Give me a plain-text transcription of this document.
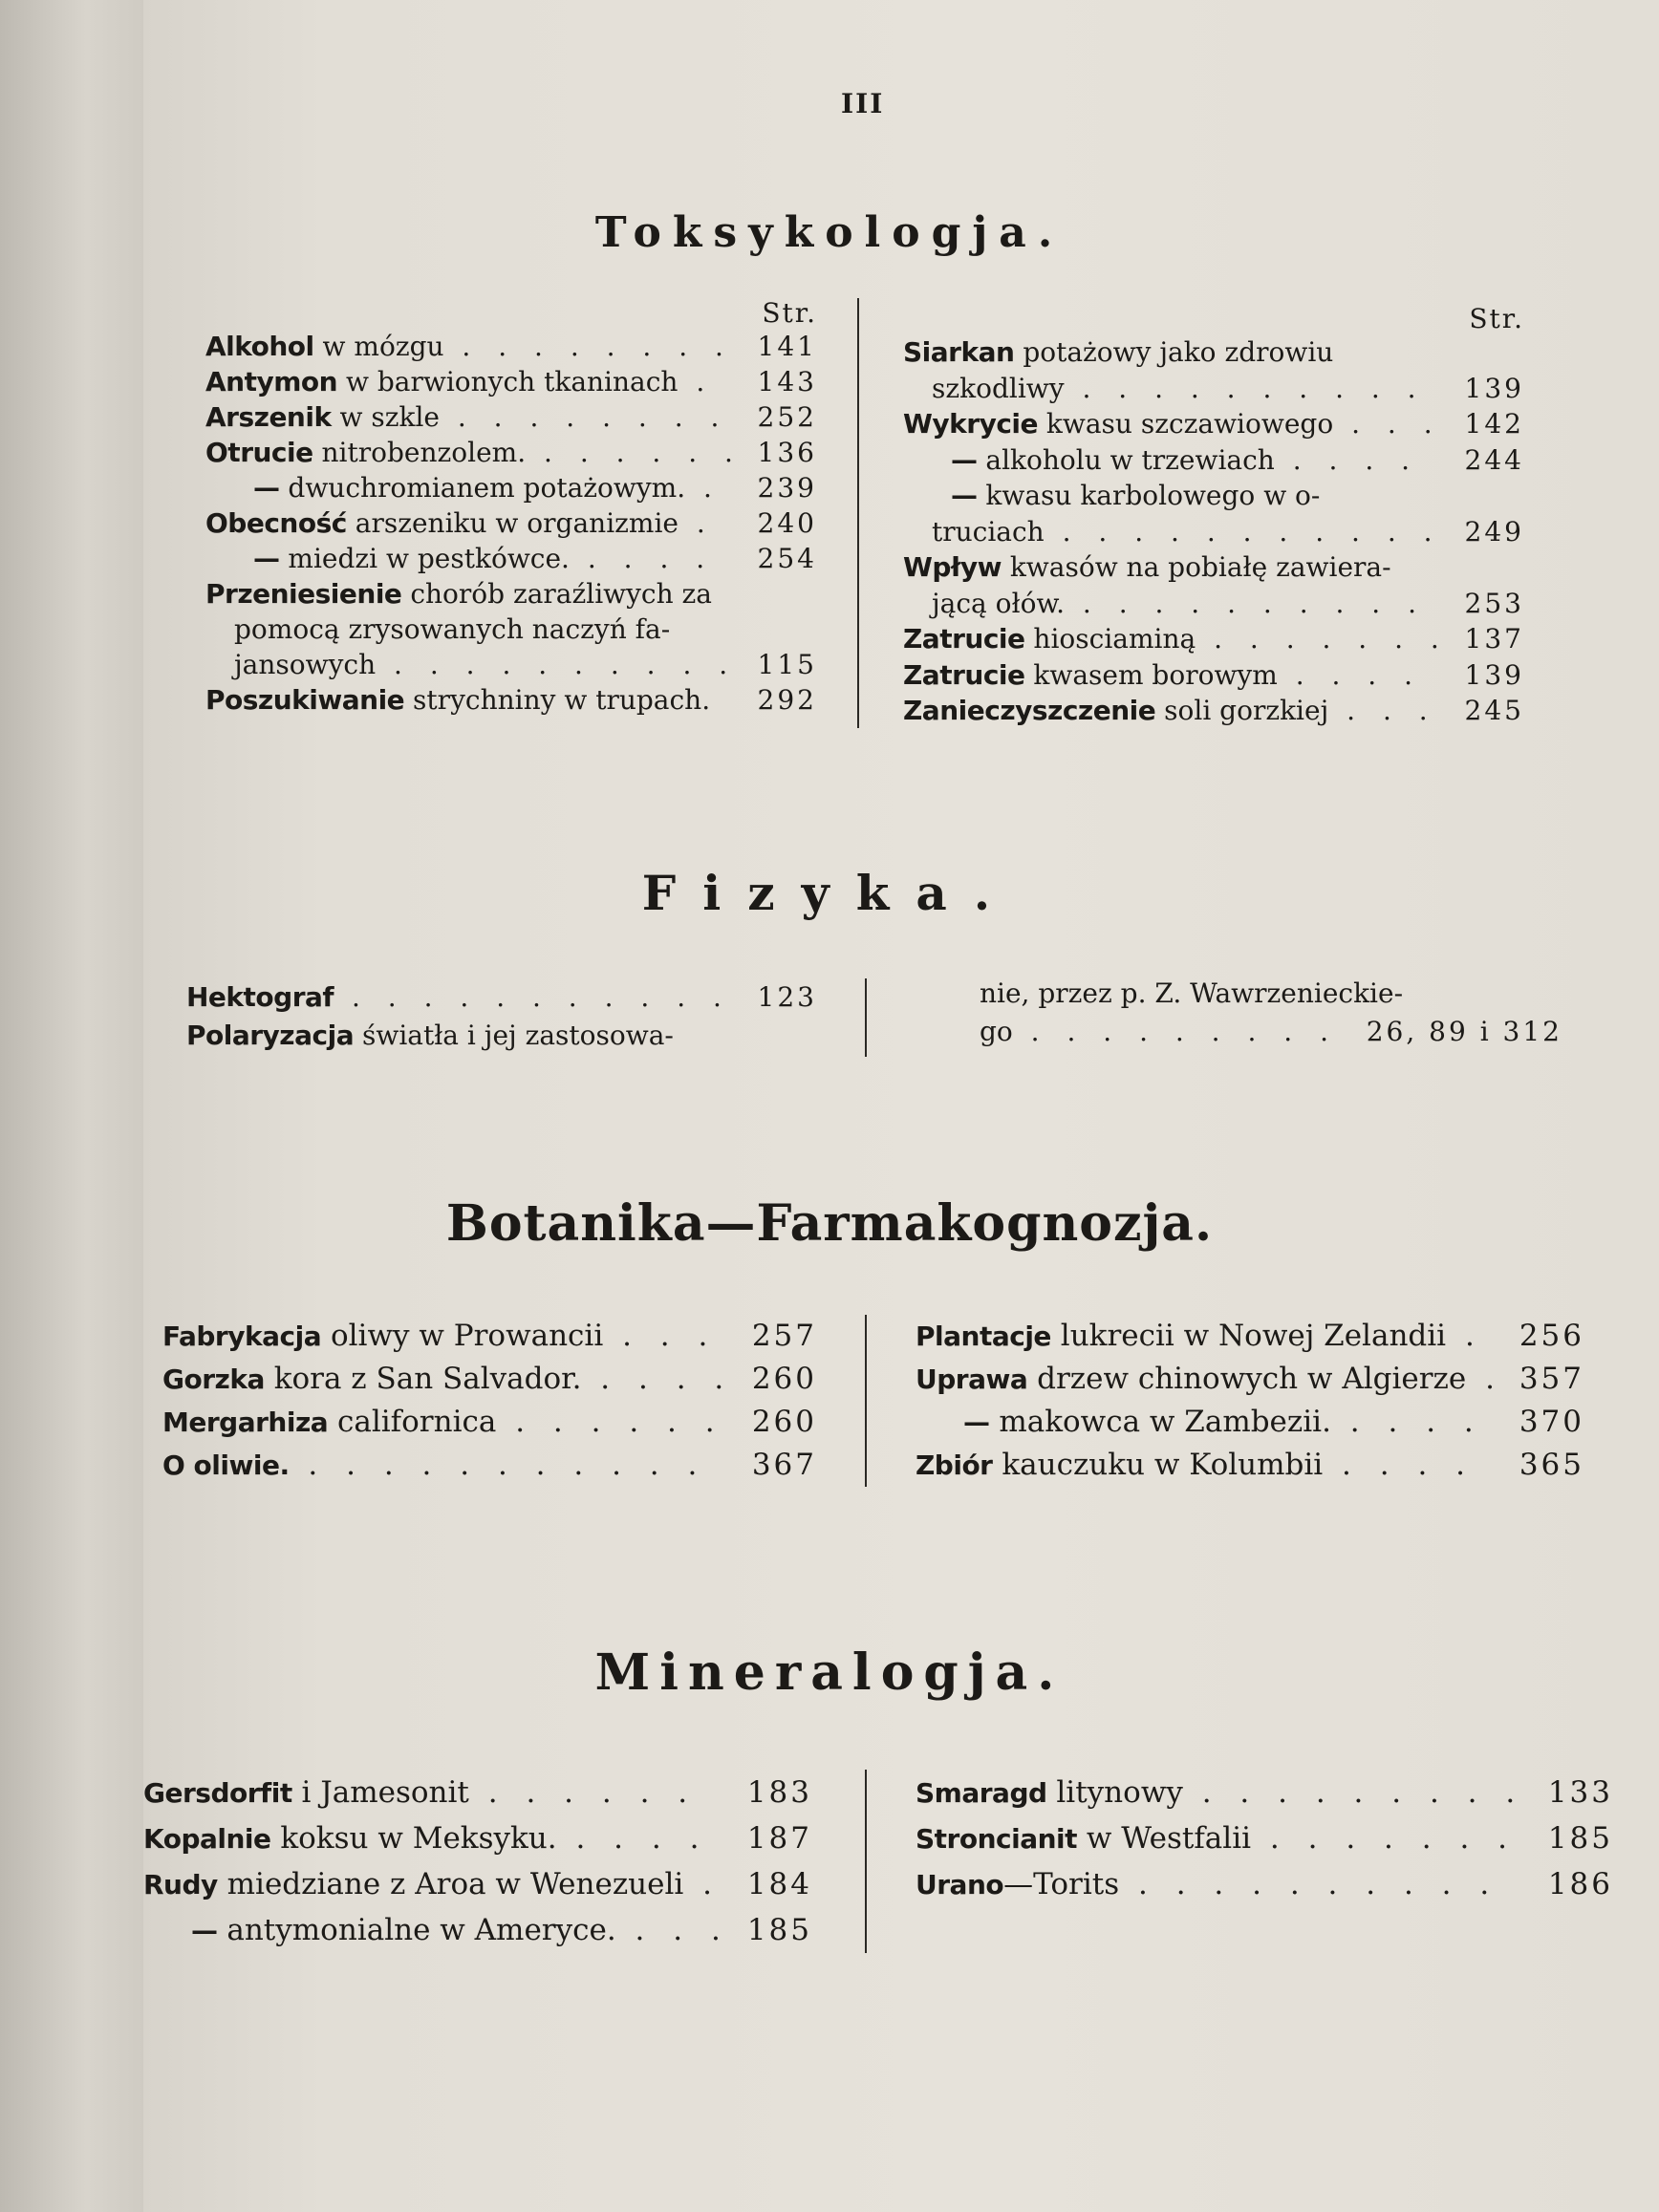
III
Toksykologja.
Str.
Alkohol w mózgu . . . . . . . . 141
Antymon w barwionych tkaninach . 143
Arszenik w szkle . . . . . . . . 252
Otrucie nitrobenzolem. . . . . . . 136
— dwuchromianem potażowym. . 239
Obecność arszeniku w organizmie . 240
— miedzi w pestkówce. . . . . 254
Przeniesienie chorób zaraźliwych za
pomocą zrysowanych naczyń fa-
jansowych . . . . . . . . . . 115
Poszukiwanie strychniny w trupach. 292
Str.
Siarkan potażowy jako zdrowiu
szkodliwy . . . . . . . . . . 139
Wykrycie kwasu szczawiowego . . . 142
— alkoholu w trzewiach . . . . 244
— kwasu karbolowego w o-
truciach . . . . . . . . . . . 249
Wpływ kwasów na pobiałę zawiera-
jącą ołów. . . . . . . . . . . 253
Zatrucie hiosciaminą . . . . . . . 137
Zatrucie kwasem borowym . . . . 139
Zanieczyszczenie soli gorzkiej . . . 245
Fizyka.
Hektograf . . . . . . . . . . . 123
Polaryzacja światła i jej zastosowa-
nie, przez p. Z. Wawrzenieckie-
go . . . . . . . . . 26, 89 i 312
Botanika—Farmakognozja.
Fabrykacja oliwy w Prowancii . . . 257
Gorzka kora z San Salvador. . . . . 260
Mergarhiza californica . . . . . . 260
O oliwie. . . . . . . . . . . . 367
Plantacje lukrecii w Nowej Zelandii . 256
Uprawa drzew chinowych w Algierze . 357
— makowca w Zambezii. . . . . 370
Zbiór kauczuku w Kolumbii . . . . 365
Mineralogja.
Gersdorfit i Jamesonit . . . . . . 183
Kopalnie koksu w Meksyku. . . . . 187
Rudy miedziane z Aroa w Wenezueli . 184
— antymonialne w Ameryce. . . . 185
Smaragd litynowy . . . . . . . . . 133
Stroncianit w Westfalii . . . . . . . 185
Urano—Torits . . . . . . . . . . 186
